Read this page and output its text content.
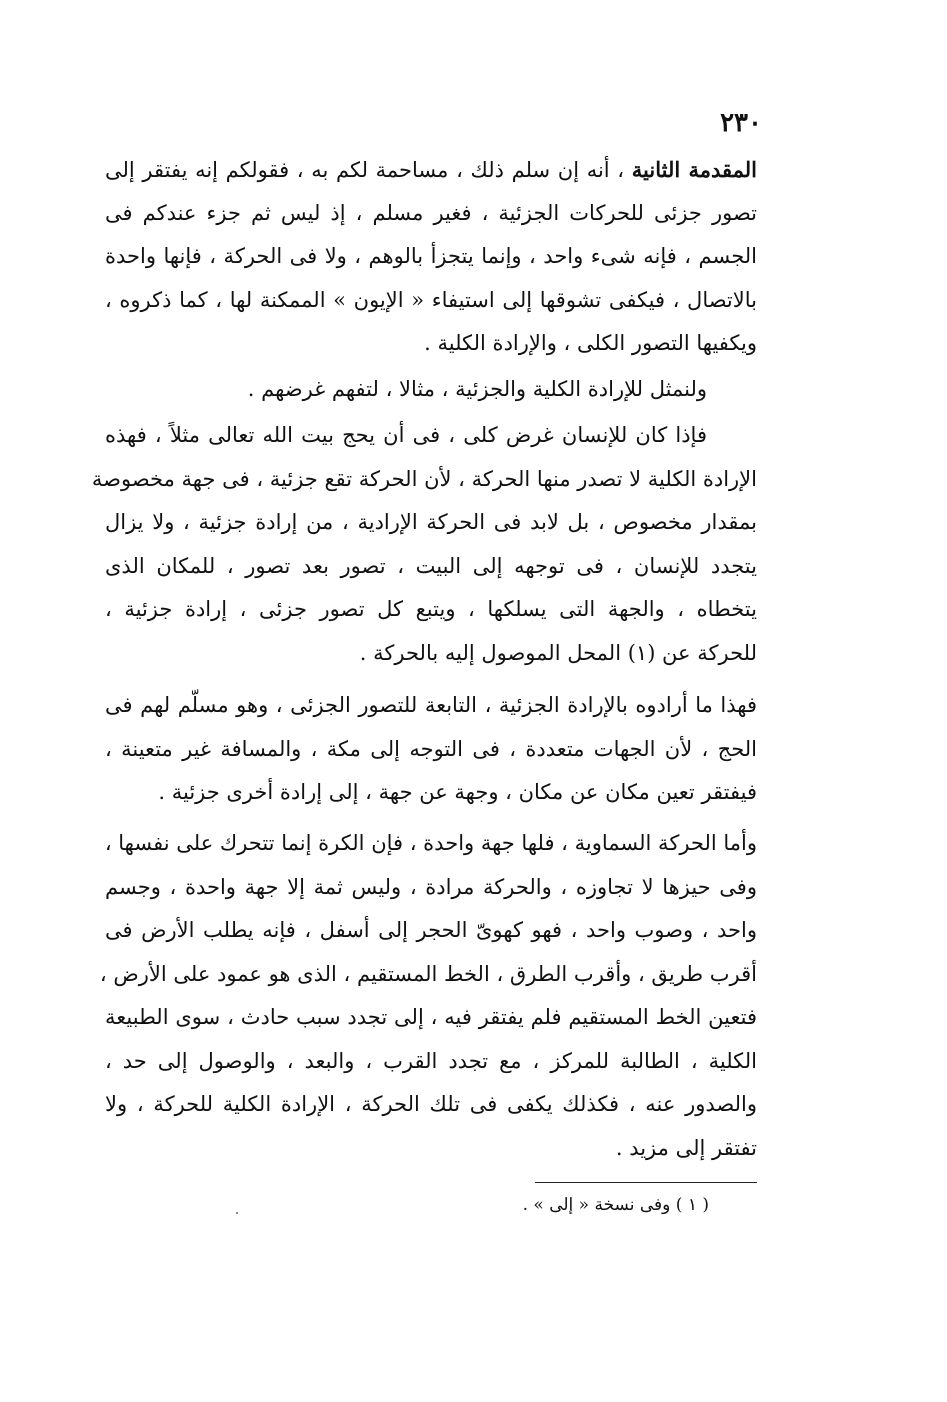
٢٣٠
المقدمة الثانية ، أنه إن سلم ذلك ، مساحمة لكم به ، فقولكم إنه يفتقر إلى
تصور جزئى للحركات الجزئية ، فغير مسلم ، إذ ليس ثم جزء عندكم فى
الجسم ، فإنه شىء واحد ، وإنما يتجزأ بالوهم ، ولا فى الحركة ، فإنها واحدة
بالاتصال ، فيكفى تشوقها إلى استيفاء « الإيون » الممكنة لها ، كما ذكروه ،
ويكفيها التصور الكلى ، والإرادة الكلية .
ولنمثل للإرادة الكلية والجزئية ، مثالا ، لتفهم غرضهم .
فإذا كان للإنسان غرض كلى ، فى أن يحج بيت الله تعالى مثلاً ، فهذه
الإرادة الكلية لا تصدر منها الحركة ، لأن الحركة تقع جزئية ، فى جهة مخصوصة
بمقدار مخصوص ، بل لابد فى الحركة الإرادية ، من إرادة جزئية ، ولا يزال
يتجدد للإنسان ، فى توجهه إلى البيت ، تصور بعد تصور ، للمكان الذى
يتخطاه ، والجهة التى يسلكها ، ويتبع كل تصور جزئى ، إرادة جزئية ،
للحركة عن (١) المحل الموصول إليه بالحركة .
فهذا ما أرادوه بالإرادة الجزئية ، التابعة للتصور الجزئى ، وهو مسلّم لهم فى
الحج ، لأن الجهات متعددة ، فى التوجه إلى مكة ، والمسافة غير متعينة ،
فيفتقر تعين مكان عن مكان ، وجهة عن جهة ، إلى إرادة أخرى جزئية .
وأما الحركة السماوية ، فلها جهة واحدة ، فإن الكرة إنما تتحرك على نفسها ،
وفى حيزها لا تجاوزه ، والحركة مرادة ، وليس ثمة إلا جهة واحدة ، وجسم
واحد ، وصوب واحد ، فهو كهوىّ الحجر إلى أسفل ، فإنه يطلب الأرض فى
أقرب طريق ، وأقرب الطرق ، الخط المستقيم ، الذى هو عمود على الأرض ،
فتعين الخط المستقيم فلم يفتقر فيه ، إلى تجدد سبب حادث ، سوى الطبيعة
الكلية ، الطالبة للمركز ، مع تجدد القرب ، والبعد ، والوصول إلى حد ،
والصدور عنه ، فكذلك يكفى فى تلك الحركة ، الإرادة الكلية للحركة ، ولا
تفتقر إلى مزيد .
( ١ ) وفى نسخة « إلى » .
